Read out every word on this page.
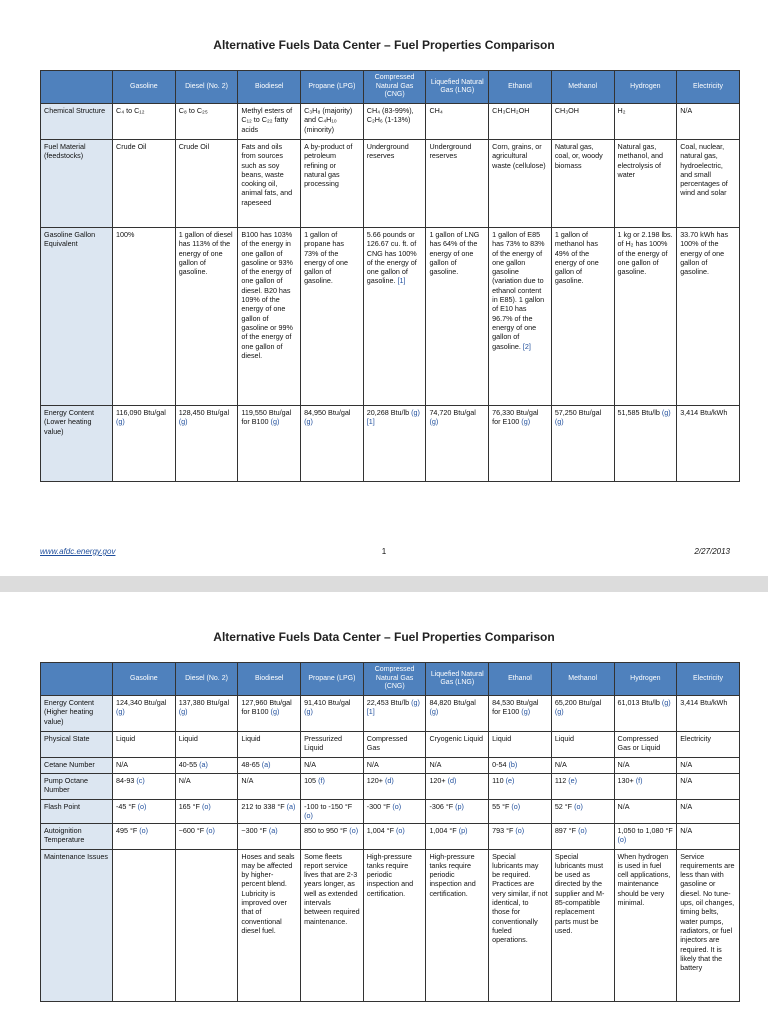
Alternative Fuels Data Center – Fuel Properties Comparison
	Gasoline	Diesel (No. 2)	Biodiesel	Propane (LPG)	Compressed Natural Gas (CNG)	Liquefied Natural Gas (LNG)	Ethanol	Methanol	Hydrogen	Electricity
Chemical Structure	C₄ to C₁₂	C₈ to C₂₅	Methyl esters of C₁₂ to C₂₂ fatty acids	C₃H₈ (majority) and C₄H₁₀ (minority)	CH₄ (83-99%), C₂H₆ (1-13%)	CH₄	CH₃CH₂OH	CH₃OH	H₂	N/A
Fuel Material (feedstocks)	Crude Oil	Crude Oil	Fats and oils from sources such as soy beans, waste cooking oil, animal fats, and rapeseed	A by-product of petroleum refining or natural gas processing	Underground reserves	Underground reserves	Corn, grains, or agricultural waste (cellulose)	Natural gas, coal, or, woody biomass	Natural gas, methanol, and electrolysis of water	Coal, nuclear, natural gas, hydroelectric, and small percentages of wind and solar
Gasoline Gallon Equivalent	100%	1 gallon of diesel has 113% of the energy of one gallon of gasoline.	B100 has 103% of the energy in one gallon of gasoline or 93% of the energy of one gallon of diesel. B20 has 109% of the energy of one gallon of gasoline or 99% of the energy of one gallon of diesel.	1 gallon of propane has 73% of the energy of one gallon of gasoline.	5.66 pounds or 126.67 cu. ft. of CNG has 100% of the energy of one gallon of gasoline. [1]	1 gallon of LNG has 64% of the energy of one gallon of gasoline.	1 gallon of E85 has 73% to 83% of the energy of one gallon gasoline (variation due to ethanol content in E85). 1 gallon of E10 has 96.7% of the energy of one gallon of gasoline. [2]	1 gallon of methanol has 49% of the energy of one gallon of gasoline.	1 kg or 2.198 lbs. of H₂ has 100% of the energy of one gallon of gasoline.	33.70 kWh has 100% of the energy of one gallon of gasoline.
Energy Content (Lower heating value)	116,090 Btu/gal (g)	128,450 Btu/gal (g)	119,550 Btu/gal for B100 (g)	84,950 Btu/gal (g)	20,268 Btu/lb (g) [1]	74,720 Btu/gal (g)	76,330 Btu/gal for E100 (g)	57,250 Btu/gal (g)	51,585 Btu/lb (g)	3,414 Btu/kWh
www.afdc.energy.gov	1	2/27/2013
Alternative Fuels Data Center – Fuel Properties Comparison
	Gasoline	Diesel (No. 2)	Biodiesel	Propane (LPG)	Compressed Natural Gas (CNG)	Liquefied Natural Gas (LNG)	Ethanol	Methanol	Hydrogen	Electricity
Energy Content (Higher heating value)	124,340 Btu/gal (g)	137,380 Btu/gal (g)	127,960 Btu/gal for B100 (g)	91,410 Btu/gal (g)	22,453 Btu/lb (g) [1]	84,820 Btu/gal (g)	84,530 Btu/gal for E100 (g)	65,200 Btu/gal (g)	61,013 Btu/lb (g)	3,414 Btu/kWh
Physical State	Liquid	Liquid	Liquid	Pressurized Liquid	Compressed Gas	Cryogenic Liquid	Liquid	Liquid	Compressed Gas or Liquid	Electricity
Cetane Number	N/A	40-55 (a)	48-65 (a)	N/A	N/A	N/A	0-54 (b)	N/A	N/A	N/A
Pump Octane Number	84-93 (c)	N/A	N/A	105 (f)	120+ (d)	120+ (d)	110 (e)	112 (e)	130+ (f)	N/A
Flash Point	-45 °F (o)	165 °F (o)	212 to 338 °F (a)	-100 to -150 °F (o)	-300 °F (o)	-306 °F (p)	55 °F (o)	52 °F (o)	N/A	N/A
Autoignition Temperature	495 °F (o)	~600 °F (o)	~300 °F (a)	850 to 950 °F (o)	1,004 °F (o)	1,004 °F (p)	793 °F (o)	897 °F (o)	1,050 to 1,080 °F (o)	N/A
Maintenance Issues			Hoses and seals may be affected by higher-percent blend. Lubricity is improved over that of conventional diesel fuel.	Some fleets report service lives that are 2-3 years longer, as well as extended intervals between required maintenance.	High-pressure tanks require periodic inspection and certification.	High-pressure tanks require periodic inspection and certification.	Special lubricants may be required. Practices are very similar, if not identical, to those for conventionally fueled operations.	Special lubricants must be used as directed by the supplier and M-85-compatible replacement parts must be used.	When hydrogen is used in fuel cell applications, maintenance should be very minimal.	Service requirements are less than with gasoline or diesel. No tune-ups, oil changes, timing belts, water pumps, radiators, or fuel injectors are required. It is likely that the battery
